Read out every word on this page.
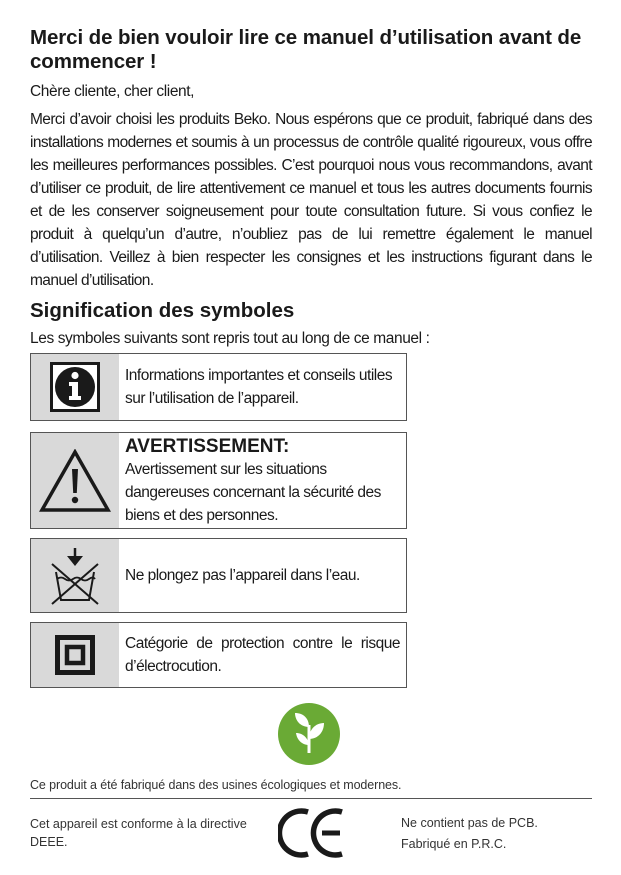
Merci de bien vouloir lire ce manuel d’utilisation avant de commencer !

Chère cliente, cher client,

Merci d’avoir choisi les produits Beko. Nous espérons que ce produit, fabriqué dans des installations modernes et soumis à un processus de contrôle qualité rigoureux, vous offre les meilleures performances possibles. C’est pourquoi nous vous recommandons, avant d’utiliser ce produit, de lire attentivement ce manuel et tous les autres documents fournis et de les conserver soigneusement pour toute consultation future. Si vous confiez le produit à quelqu’un d’autre, n’oubliez pas de lui remettre également le manuel d’utilisation. Veillez à bien respecter les consignes et les instructions figurant dans le manuel d’utilisation.

Signification des symboles

Les symboles suivants sont repris tout au long de ce manuel :

Informations importantes et conseils utiles sur l’utilisation de l’appareil.
AVERTISSEMENT:
Avertissement sur les situations dangereuses concernant la sécurité des biens et des personnes.
Ne plongez pas l’appareil dans l’eau.
Catégorie de protection contre le risque d’électrocution.
Ce produit a été fabriqué dans des usines écologiques et modernes.
Cet appareil est conforme à la directive DEEE.
Ne contient pas de PCB.
Fabriqué en P.R.C.
